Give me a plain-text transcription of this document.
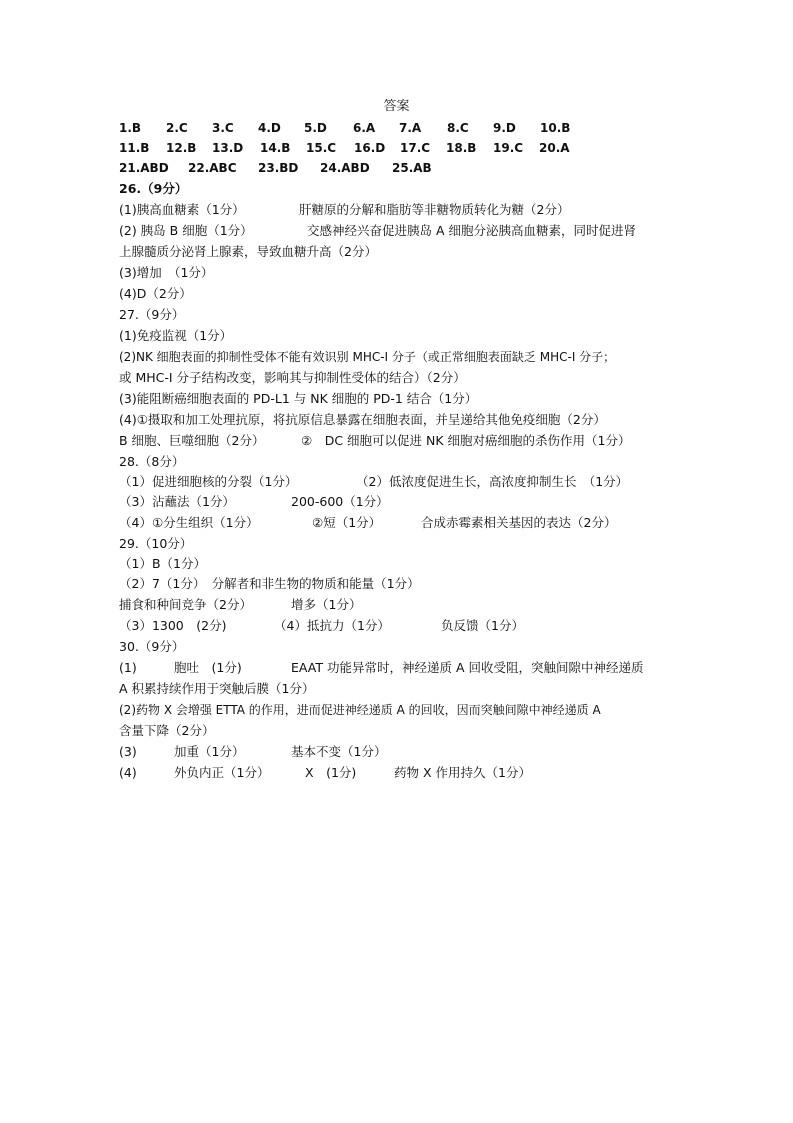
答案
1.B 2.C 3.C 4.D 5.D 6.A 7.A 8.C 9.D 10.B
11.B 12.B 13.D 14.B 15.C 16.D 17.C 18.B 19.C 20.A
21.ABD 22.ABC 23.BD 24.ABD 25.AB
26.（9分）
(1)胰高血糖素（1分）	肝糖原的分解和脂肪等非糖物质转化为糖（2分）
(2) 胰岛 B 细胞（1分）	交感神经兴奋促进胰岛 A 细胞分泌胰高血糖素，同时促进肾
上腺髓质分泌肾上腺素，导致血糖升高（2分）
(3)增加　（1分）
(4)D（2分）
27.（9分）
(1)免疫监视（1分）
(2)NK 细胞表面的抑制性受体不能有效识别 MHC-I 分子（或正常细胞表面缺乏 MHC-I 分子；
或 MHC-I 分子结构改变，影响其与抑制性受体的结合）（2分）
(3)能阻断癌细胞表面的 PD-L1 与 NK 细胞的 PD-1 结合（1分）
(4)①摄取和加工处理抗原，将抗原信息暴露在细胞表面，并呈递给其他免疫细胞（2分）
B 细胞、巨噬细胞（2分）	②　DC 细胞可以促进 NK 细胞对癌细胞的杀伤作用（1分）
28.（8分）
（1）促进细胞核的分裂（1分）	（2）低浓度促进生长，高浓度抑制生长　（1分）
（3）沾蘸法（1分）	200-600（1分）
（4）①分生组织（1分）	②短（1分）	合成赤霉素相关基因的表达（2分）
29.（10分）
（1）B（1分）
（2）7（1分）　分解者和非生物的物质和能量（1分）
捕食和种间竞争（2分）	增多（1分）
（3）1300　(2分)	（4）抵抗力（1分）	负反馈（1分）
30.（9分）
(1)	胞吐　(1分)	EAAT 功能异常时，神经递质 A 回收受阻，突触间隙中神经递质
A 积累持续作用于突触后膜（1分）
(2)药物 X 会增强 ETTA 的作用，进而促进神经递质 A 的回收，因而突触间隙中神经递质 A
含量下降（2分）
(3)	加重（1分）	基本不变（1分）
(4)	外负内正（1分）	X　(1分)	药物 X 作用持久（1分）
